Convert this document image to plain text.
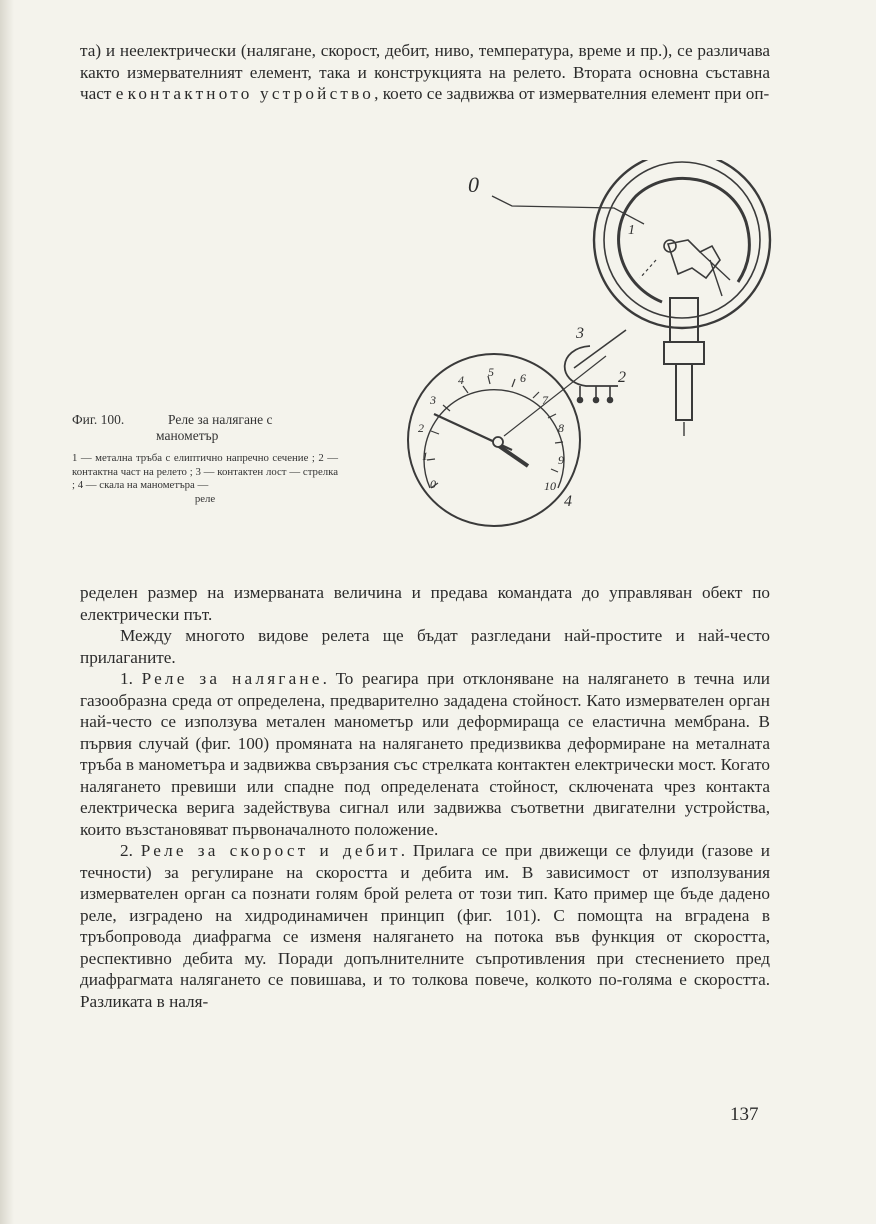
та) и неелектрически (налягане, скорост, дебит, ниво, температура, време и пр.), се различава както измервателният елемент, така и конструкцията на релето. Втората основна съставна част е контактното устройство, което се задвижва от измервателния елемент при оп-

Фиг. 100.	Реле за налягане с

манометър

1 — метална тръба с елиптично напречно сечение ; 2 — контактна част на релето ; 3 — контактен лост — стрелка ; 4 — скала на манометъра —
реле

0
1
2
3
4
0
1
2
3
4
5 6
7
8
9
10

ределен размер на измерваната величина и предава командата до управляван обект по електрически път.

Между многото видове релета ще бъдат разгледани най-простите и най-често прилаганите.

1. Реле за налягане. То реагира при отклоняване на налягането в течна или газообразна среда от определена, предварително зададена стойност. Като измервателен орган най-често се използува метален манометър или деформираща се еластична мембрана. В първия случай (фиг. 100) промяната на налягането предизвиква деформиране на металната тръба в манометъра и задвижва свързания със стрелката контактен електрически мост. Когато налягането превиши или спадне под определената стойност, сключената чрез контакта електрическа верига задействува сигнал или задвижва съответни двигателни устройства, които възстановяват първоначалното положение.

2. Реле за скорост и дебит. Прилага се при движещи се флуиди (газове и течности) за регулиране на скоростта и дебита им. В зависимост от използувания измервателен орган са познати голям брой релета от този тип. Като пример ще бъде дадено реле, изградено на хидродинамичен принцип (фиг. 101). С помощта на вградена в тръбопровода диафрагма се изменя налягането на потока във функция от скоростта, респективно дебита му. Поради допълнителните съпротивления при стеснението пред диафрагмата налягането се повишава, и то толкова повече, колкото по-голяма е скоростта. Разликата в наля-

137
